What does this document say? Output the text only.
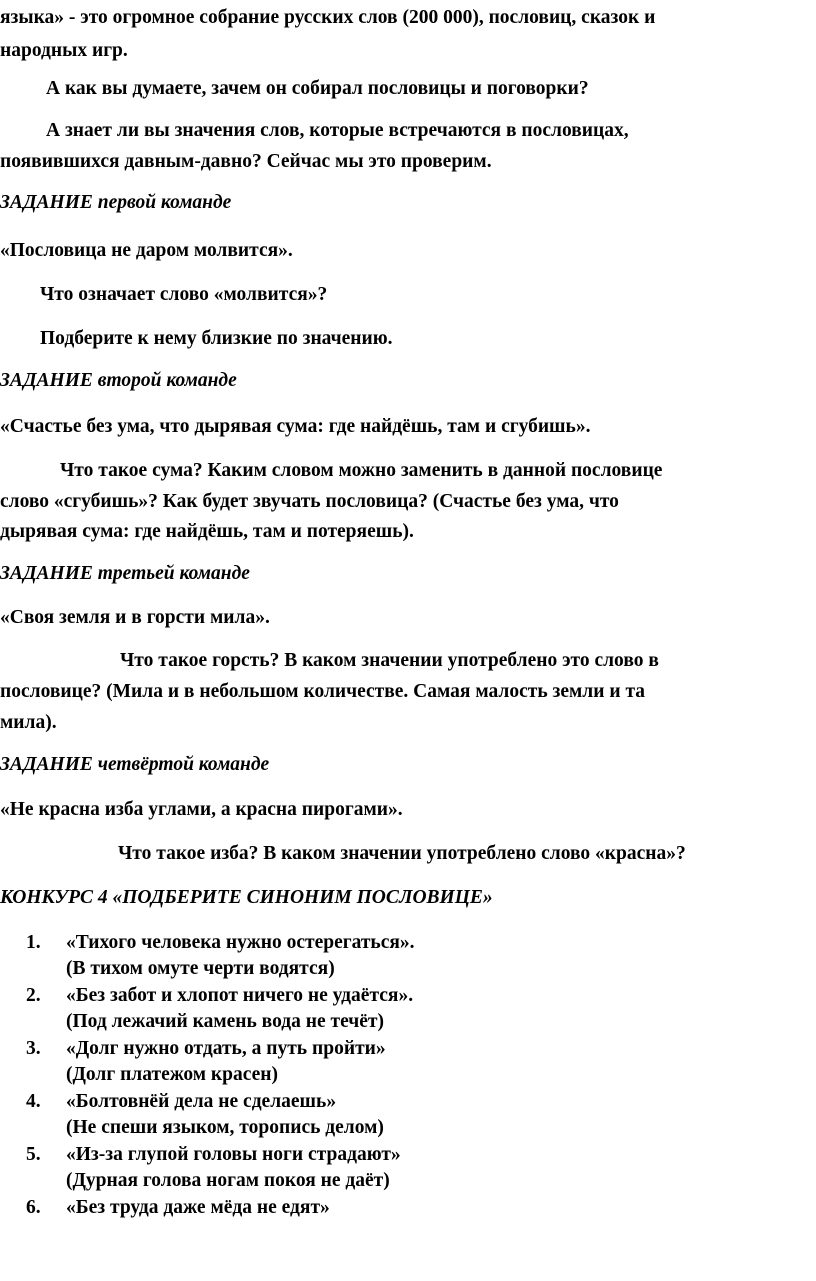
языка» - это огромное собрание русских слов (200 000), пословиц, сказок и
народных игр.
А как вы думаете, зачем он собирал пословицы и поговорки?
А знает ли вы значения слов, которые встречаются в пословицах,
появившихся давным-давно? Сейчас мы это проверим.
ЗАДАНИЕ первой команде
«Пословица не даром молвится».
Что означает слово «молвится»?
Подберите к нему близкие по значению.
ЗАДАНИЕ второй команде
«Счастье без ума, что дырявая сума: где найдёшь, там и сгубишь».
Что такое сума? Каким словом можно заменить в данной пословице
слово «сгубишь»? Как будет звучать пословица? (Счастье без ума, что
дырявая сума: где найдёшь, там и потеряешь).
ЗАДАНИЕ третьей команде
«Своя земля и в горсти мила».
Что такое горсть? В каком значении употреблено это слово в
пословице? (Мила и в небольшом количестве. Самая малость земли и та
мила).
ЗАДАНИЕ четвёртой команде
«Не красна изба углами, а красна пирогами».
Что такое изба? В каком значении употреблено слово «красна»?
КОНКУРС 4 «ПОДБЕРИТЕ СИНОНИМ ПОСЛОВИЦЕ»
1. «Тихого человека нужно остерегаться».
(В тихом омуте черти водятся)
2. «Без забот и хлопот ничего не удаётся».
(Под лежачий камень вода не течёт)
3. «Долг нужно отдать, а путь пройти»
(Долг платежом красен)
4. «Болтовнёй дела не сделаешь»
(Не спеши языком, торопись делом)
5. «Из-за глупой головы ноги страдают»
(Дурная голова ногам покоя не даёт)
6. «Без труда даже мёда не едят»
